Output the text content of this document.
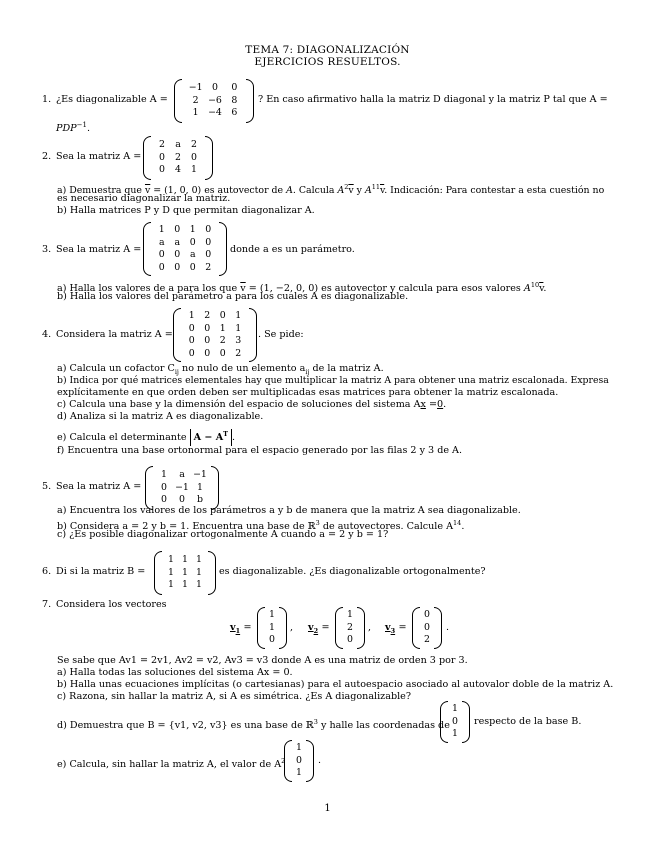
TEMA 7: DIAGONALIZACIÓN
EJERCICIOS RESUELTOS.
1. ¿Es diagonalizable A =
−1	0	0
2	−6	8
1	−4	6
? En caso afirmativo halla la matriz D diagonal y la matriz P tal que A =
$PDP^{-1}$.
2. Sea la matriz A =
2	a	2
0	2	0
0	4	1
a) Demuestra que $\overline{v} = (1$, 0, 0) es autovector de A. Calcula $A^2\overline{v}$ y $A^{11}\overline{v}$. Indicación: Para contestar a esta cuestión no
es necesario diagonalizar la matriz.
b) Halla matrices P y D que permitan diagonalizar A.
3. Sea la matriz A =
1	0	1	0
a	a	0	0
0	0	a	0
0	0	0	2
donde a es un parámetro.
a) Halla los valores de a para los que $\overline{v} = (1$, −2, 0, 0) es autovector y calcula para esos valores $A^{10}\overline{v}$.
b) Halla los valores del parámetro a para los cuales A es diagonalizable.
4. Considera la matriz A =
1	2	0	1
0	0	1	1
0	0	2	3
0	0	0	2
. Se pide:
a) Calcula un cofactor $C_{ij}$ no nulo de un elemento $a_{ij}$ de la matriz A.
b) Indica por qué matrices elementales hay que multiplicar la matriz A para obtener una matriz escalonada. Expresa
explícitamente en que orden deben ser multiplicadas esas matrices para obtener la matriz escalonada.
c) Calcula una base y la dimensión del espacio de soluciones del sistema Ax =0.
d) Analiza si la matriz A es diagonalizable.
e) Calcula el determinante $A - A^T$ .
f) Encuentra una base ortonormal para el espacio generado por las filas 2 y 3 de A.
5. Sea la matriz A =
1	a −1
0 −1 1
0	0	b
a) Encuentra los valores de los parámetros a y b de manera que la matriz A sea diagonalizable.
b) Considera a = 2 y b = 1. Encuentra una base de ℝ$^3$ de autovectores. Calcule $A^{14}$.
c) ¿Es posible diagonalizar ortogonalmente A cuando a = 2 y b = 1?
6. Di si la matriz B =
1 1 1
1 1 1
1 1 1
es diagonalizable. ¿Es diagonalizable ortogonalmente?
7. Considera los vectores
$v_1$ =
1
1
0
, $v_2$ =
1
2
0
, $v_3$ =
0
0
2
.
Se sabe que Av1 = 2v1, Av2 = v2, Av3 = v3 donde A es una matriz de orden 3 por 3.
a) Halla todas las soluciones del sistema Ax = 0.
b) Halla unas ecuaciones implícitas (o cartesianas) para el autoespacio asociado al autovalor doble de la matriz A.
c) Razona, sin hallar la matriz A, si A es simétrica. ¿Es A diagonalizable?
d) Demuestra que B = {v1, v2, v3} es una base de ℝ$^3$ y halle las coordenadas de
1
0
1
respecto de la base B.
e) Calcula, sin hallar la matriz A, el valor de $A^2$
1
0
1
.
1
